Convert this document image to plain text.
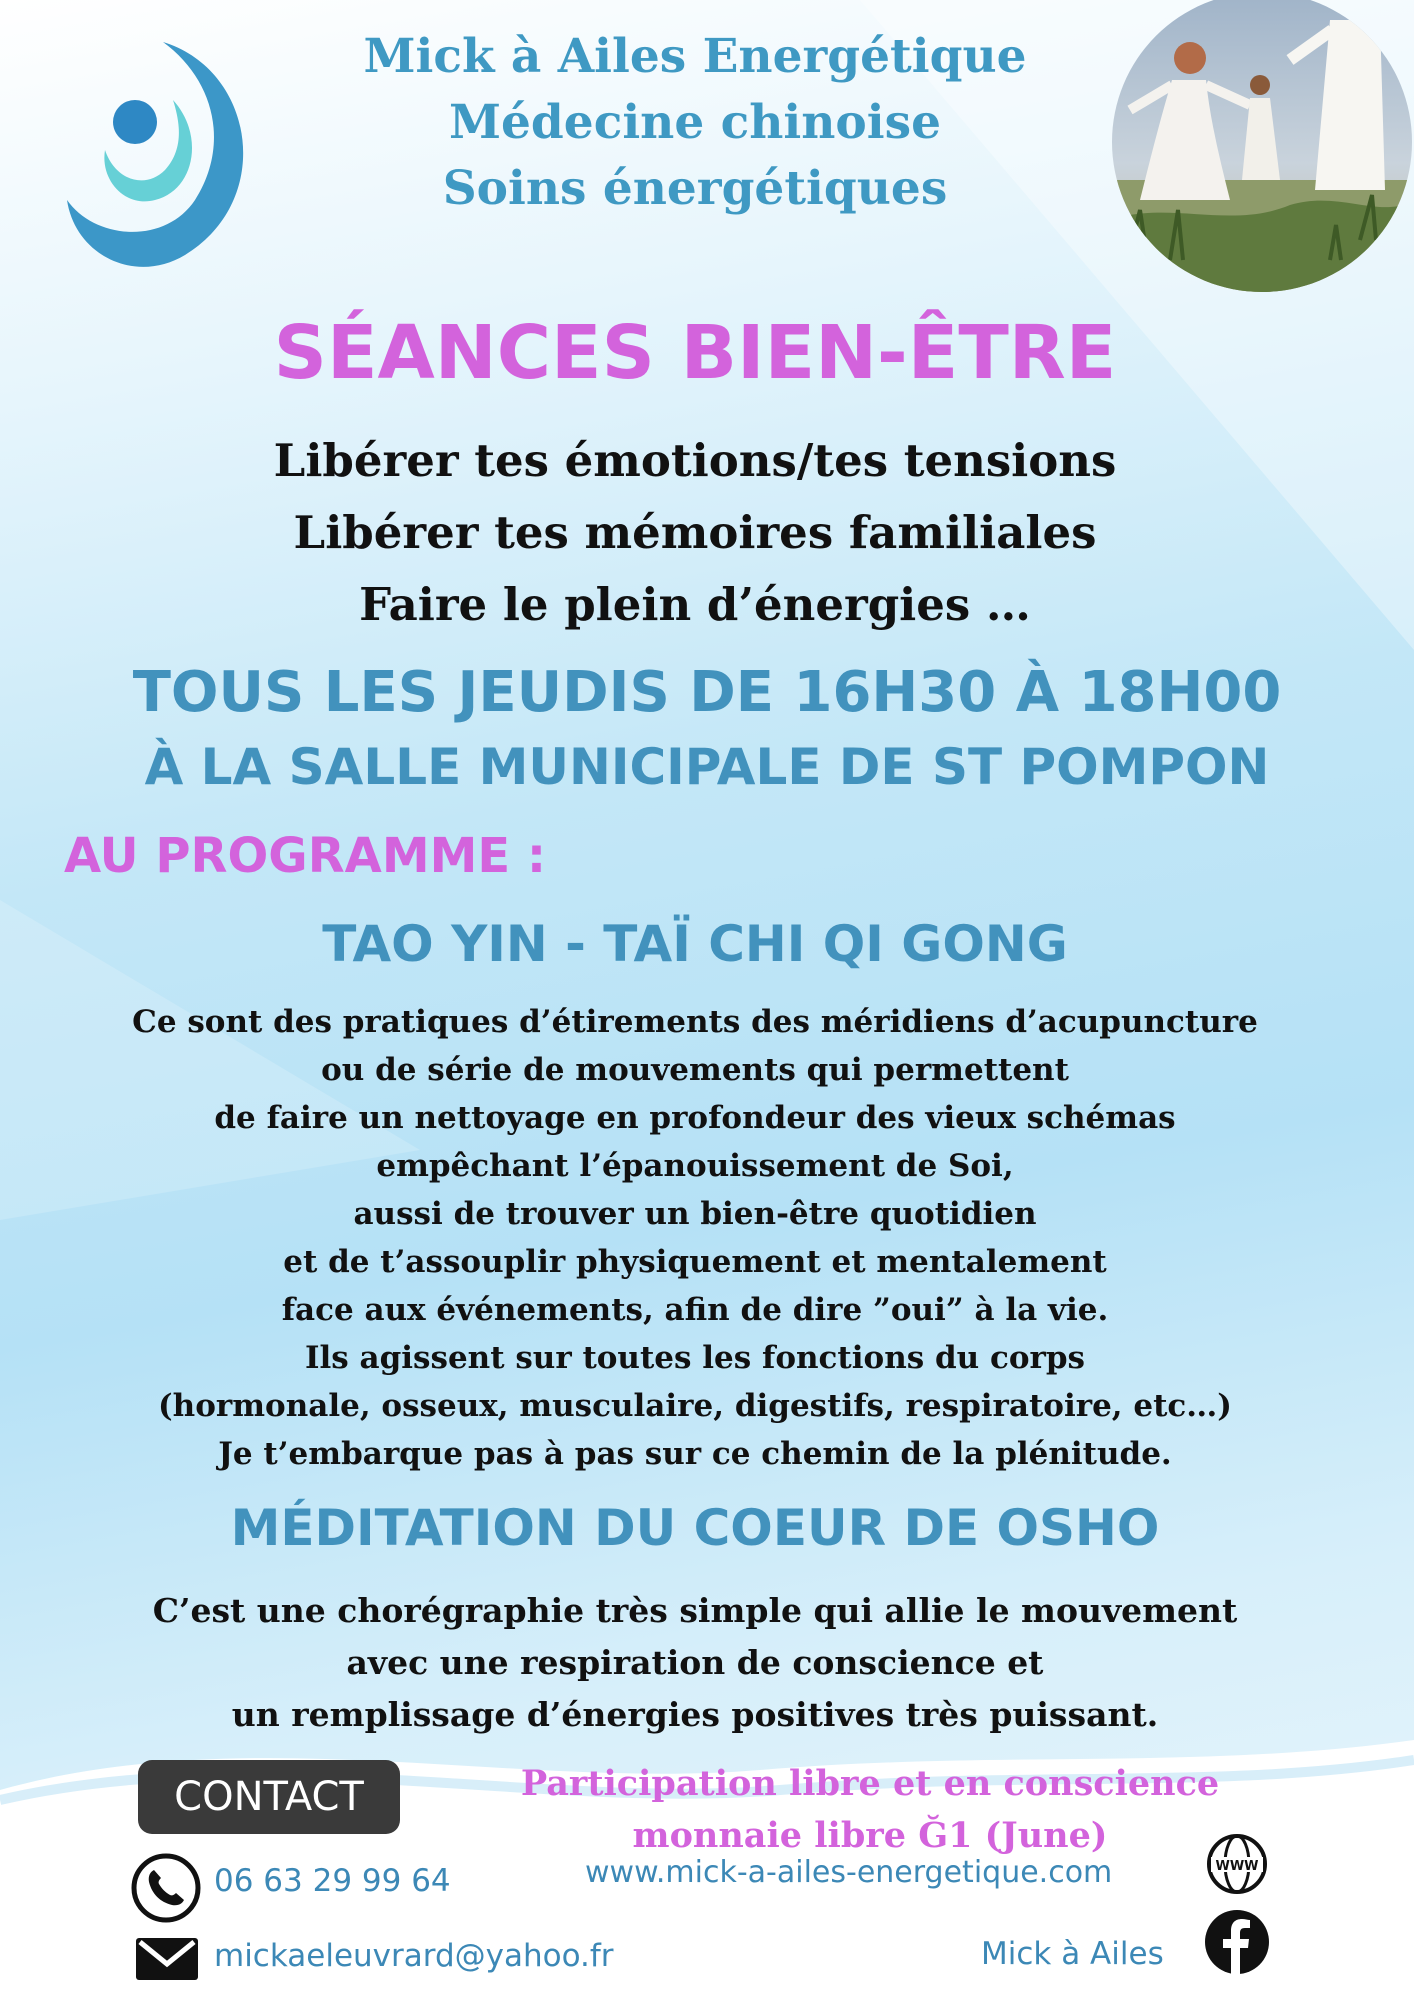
Mick à Ailes Energétique
Médecine chinoise
Soins énergétiques
SÉANCES BIEN-ÊTRE
Libérer tes émotions/tes tensions
Libérer tes mémoires familiales
Faire le plein d’énergies …
TOUS LES JEUDIS DE 16H30 À 18H00
À LA SALLE MUNICIPALE DE ST POMPON
AU PROGRAMME :
TAO YIN - TAÏ CHI QI GONG
Ce sont des pratiques d’étirements des méridiens d’acupuncture
ou de série de mouvements qui permettent
de faire un nettoyage en profondeur des vieux schémas
empêchant l’épanouissement de Soi,
aussi de trouver un bien-être quotidien
et de t’assouplir physiquement et mentalement
face aux événements, afin de dire ”oui” à la vie.
Ils agissent sur toutes les fonctions du corps
(hormonale, osseux, musculaire, digestifs, respiratoire, etc…)
Je t’embarque pas à pas sur ce chemin de la plénitude.
MÉDITATION DU COEUR DE OSHO
C’est une chorégraphie très simple qui allie le mouvement
avec une respiration de conscience et
un remplissage d’énergies positives très puissant.
CONTACT
06 63 29 99 64
mickaeleuvrard@yahoo.fr
Participation libre et en conscience
monnaie libre Ğ1 (June)
www.mick-a-ailes-energetique.com	WWW
Mick à Ailes
